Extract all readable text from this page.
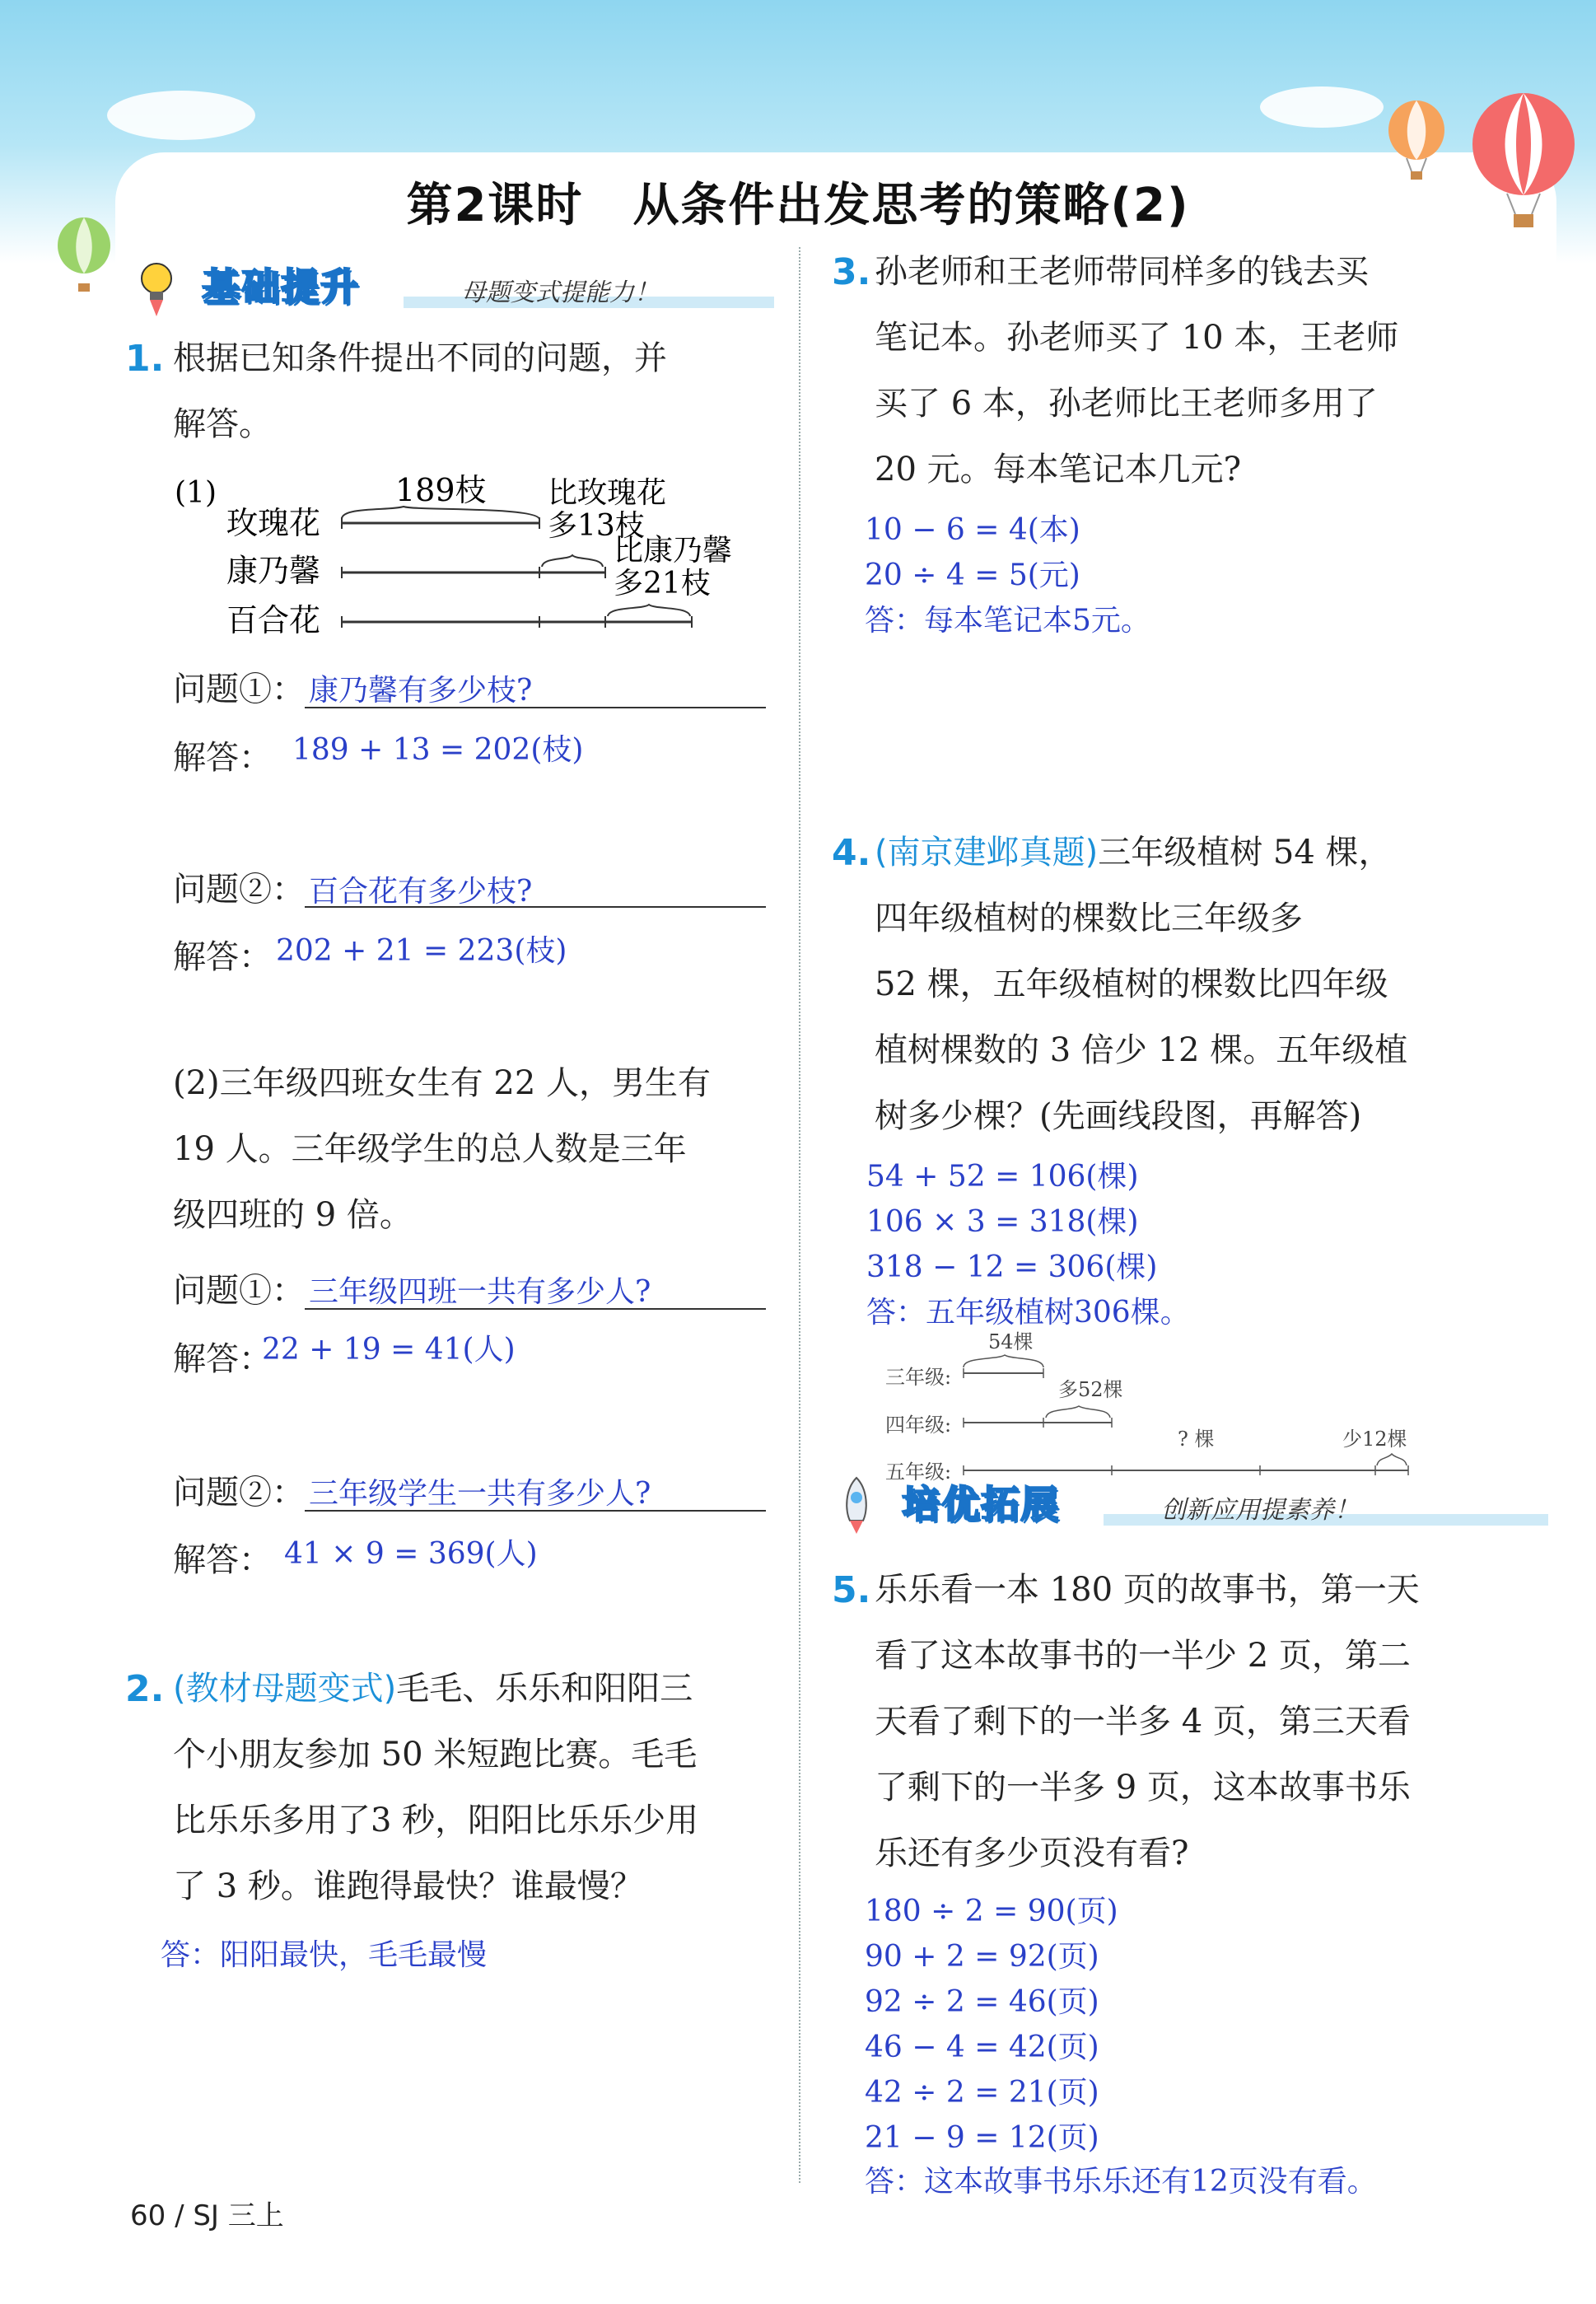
第2课时 从条件出发思考的策略(2)
基础提升	母题变式提能力！
1. 根据已知条件提出不同的问题，并
解答。
(1)
玫瑰花
康乃馨
百合花
189枝 比玫瑰花
多13枝
比康乃馨
多21枝
问题①： 康乃馨有多少枝?
解答： 189 + 13 = 202(枝)
问题②： 百合花有多少枝?
解答： 202 + 21 = 223(枝)
(2)三年级四班女生有 22 人，男生有
19 人。三年级学生的总人数是三年
级四班的 9 倍。
问题①： 三年级四班一共有多少人?
解答：
22 + 19 = 41(人)
问题②： 三年级学生一共有多少人?
解答： 41 × 9 = 369(人)
2. (教材母题变式)毛毛、乐乐和阳阳三
个小朋友参加 50 米短跑比赛。毛毛
比乐乐多用了3 秒，阳阳比乐乐少用
了 3 秒。谁跑得最快？谁最慢？
答：阳阳最快，毛毛最慢
3. 孙老师和王老师带同样多的钱去买
笔记本。孙老师买了 10 本，王老师
买了 6 本，孙老师比王老师多用了
20 元。每本笔记本几元?
10 − 6 = 4(本)
20 ÷ 4 = 5(元)
答：每本笔记本5元。
4. (南京建邺真题)三年级植树 54 棵，
四年级植树的棵数比三年级多
52 棵，五年级植树的棵数比四年级
植树棵数的 3 倍少 12 棵。五年级植
树多少棵？(先画线段图，再解答)
54 + 52 = 106(棵)
106 × 3 = 318(棵)
318 − 12 = 306(棵)
答：五年级植树306棵。
三年级:
四年级:
五年级:
54棵
多52棵
? 棵	少12棵
培优拓展	创新应用提素养！
5. 乐乐看一本 180 页的故事书，第一天
看了这本故事书的一半少 2 页，第二
天看了剩下的一半多 4 页，第三天看
了剩下的一半多 9 页，这本故事书乐
乐还有多少页没有看?
180 ÷ 2 = 90(页)
90 + 2 = 92(页)
92 ÷ 2 = 46(页)
46 − 4 = 42(页)
42 ÷ 2 = 21(页)
21 − 9 = 12(页)
答：这本故事书乐乐还有12页没有看。
60 / SJ 三上
